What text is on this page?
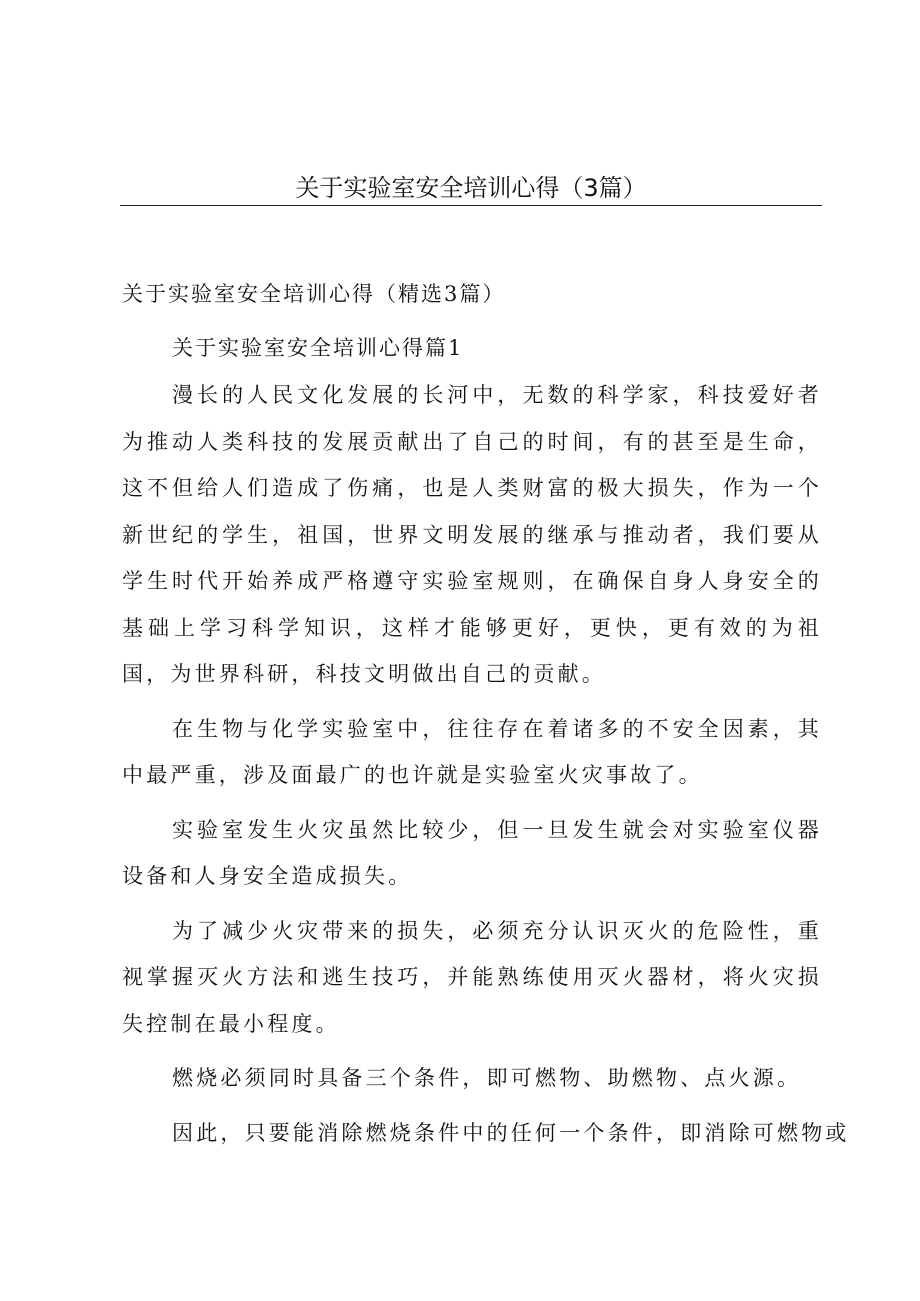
关于实验室安全培训心得（3篇）

关于实验室安全培训心得（精选3篇）

关于实验室安全培训心得篇1

漫长的人民文化发展的长河中，无数的科学家，科技爱好者为推动人类科技的发展贡献出了自己的时间，有的甚至是生命，这不但给人们造成了伤痛，也是人类财富的极大损失，作为一个新世纪的学生，祖国，世界文明发展的继承与推动者，我们要从学生时代开始养成严格遵守实验室规则，在确保自身人身安全的基础上学习科学知识，这样才能够更好，更快，更有效的为祖国，为世界科研，科技文明做出自己的贡献。

在生物与化学实验室中，往往存在着诸多的不安全因素，其中最严重，涉及面最广的也许就是实验室火灾事故了。

实验室发生火灾虽然比较少，但一旦发生就会对实验室仪器设备和人身安全造成损失。

为了减少火灾带来的损失，必须充分认识灭火的危险性，重视掌握灭火方法和逃生技巧，并能熟练使用灭火器材，将火灾损失控制在最小程度。

燃烧必须同时具备三个条件，即可燃物、助燃物、点火源。

因此，只要能消除燃烧条件中的任何一个条件，即消除可燃物或
